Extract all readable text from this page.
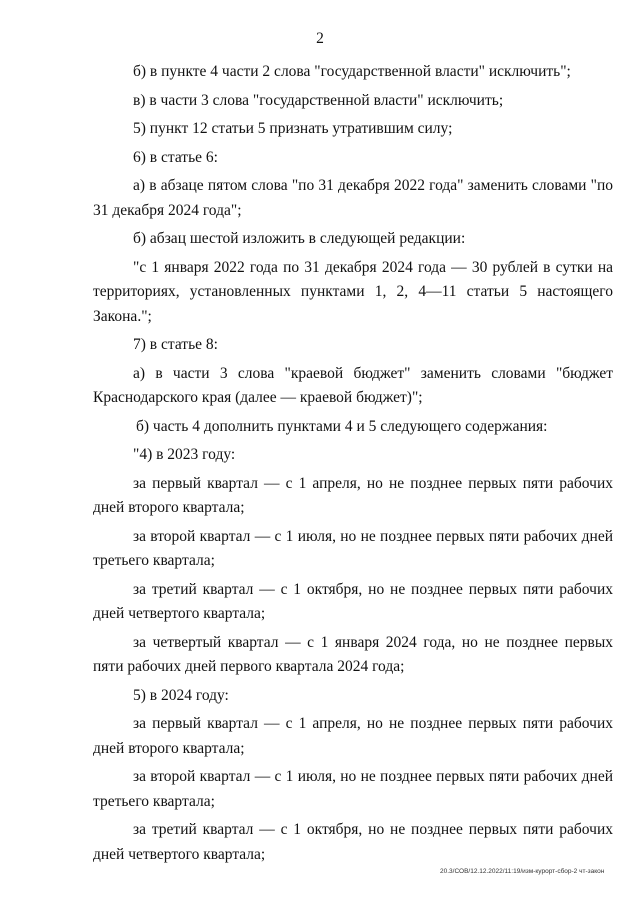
2

б) в пункте 4 части 2 слова "государственной власти" исключить";

в) в части 3 слова "государственной власти" исключить;

5) пункт 12 статьи 5 признать утратившим силу;

6) в статье 6:

а) в абзаце пятом слова "по 31 декабря 2022 года" заменить словами "по 31 декабря 2024 года";

б) абзац шестой изложить в следующей редакции:

"с 1 января 2022 года по 31 декабря 2024 года — 30 рублей в сутки на территориях, установленных пунктами 1, 2, 4—11 статьи 5 настоящего Закона.";

7) в статье 8:

а) в части 3 слова "краевой бюджет" заменить словами "бюджет Краснодарского края (далее — краевой бюджет)";

б) часть 4 дополнить пунктами 4 и 5 следующего содержания:

"4) в 2023 году:

за первый квартал — с 1 апреля, но не позднее первых пяти рабочих дней второго квартала;

за второй квартал — с 1 июля, но не позднее первых пяти рабочих дней третьего квартала;

за третий квартал — с 1 октября, но не позднее первых пяти рабочих дней четвертого квартала;

за четвертый квартал — с 1 января 2024 года, но не позднее первых пяти рабочих дней первого квартала 2024 года;

5) в 2024 году:

за первый квартал — с 1 апреля, но не позднее первых пяти рабочих дней второго квартала;

за второй квартал — с 1 июля, но не позднее первых пяти рабочих дней третьего квартала;

за третий квартал — с 1 октября, но не позднее первых пяти рабочих дней четвертого квартала;

20.3/СОВ/12.12.2022/11:19/изм-курорт-сбор-2 чт-закон
